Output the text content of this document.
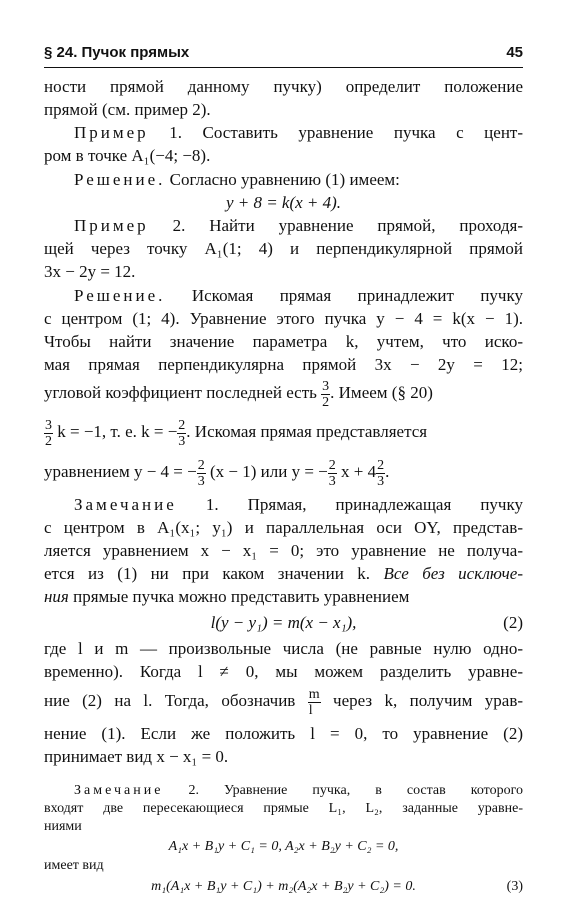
§ 24. Пучок прямых	45
ности прямой данному пучку) определит положение
прямой (см. пример 2).
Пример 1. Составить уравнение пучка с цент-
ром в точке A₁(−4; −8).
Решение. Согласно уравнению (1) имеем:
y + 8 = k(x + 4).
Пример 2. Найти уравнение прямой, проходя-
щей через точку A₁(1; 4) и перпендикулярной прямой
3x − 2y = 12.
Решение. Искомая прямая принадлежит пучку
с центром (1; 4). Уравнение этого пучка y − 4 = k(x − 1).
Чтобы найти значение параметра k, учтем, что иско-
мая прямая перпендикулярна прямой 3x − 2y = 12;
угловой коэффициент последней есть $\frac{3}{2}$ . Имеем (§ 20)
$\frac{3}{2}$ k = −1, т. е. k = − $\frac{2}{3}$ . Искомая прямая представляется
уравнением y − 4 = − $\frac{2}{3} (x - 1)$ или y = − $\frac{2}{3}$ $x + 4 \frac{2}{3}$ .
Замечание 1. Прямая, принадлежащая пучку
с центром в A₁(x₁; y₁) и параллельная оси OY, представ-
ляется уравнением x − x₁ = 0; это уравнение не получа-
ется из (1) ни при каком значении k. Все без исключе-
ния прямые пучка можно представить уравнением
l(y − y₁) = m(x − x₁),	(2)
где l и m — произвольные числа (не равные нулю одно-
временно). Когда l ≠ 0, мы можем разделить уравне-
ние (2) на l. Тогда, обозначив $\frac{m}{l}$ через k, получим урав-
нение (1). Если же положить l = 0, то уравнение (2)
принимает вид x − x₁ = 0.
Замечание 2. Уравнение пучка, в состав которого
входят две пересекающиеся прямые L₁, L₂, заданные уравне-
ниями
A₁x + B₁y + C₁ = 0, A₂x + B₂y + C₂ = 0,
имеет вид
m₁(A₁x + B₁y + C₁) + m₂(A₂x + B₂y + C₂) = 0.	(3)
